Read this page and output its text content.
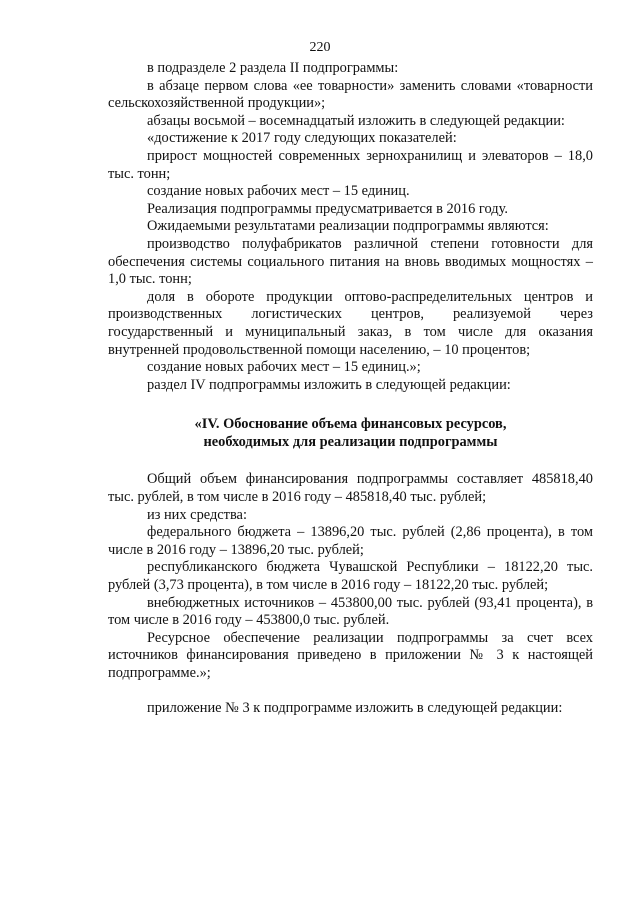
220

в подразделе 2 раздела II подпрограммы:

в абзаце первом слова «ее товарности» заменить словами «товарности сельскохозяйственной продукции»;

абзацы восьмой – восемнадцатый изложить в следующей редакции:

«достижение к 2017 году следующих показателей:

прирост мощностей современных зернохранилищ и элеваторов – 18,0 тыс. тонн;

создание новых рабочих мест – 15 единиц.

Реализация подпрограммы предусматривается в 2016 году.

Ожидаемыми результатами реализации подпрограммы являются:

производство полуфабрикатов различной степени готовности для обеспечения системы социального питания на вновь вводимых мощностях – 1,0 тыс. тонн;

доля в обороте продукции оптово-распределительных центров и производственных логистических центров, реализуемой через государственный и муниципальный заказ, в том числе для оказания внутренней продовольственной помощи населению, – 10 процентов;

создание новых рабочих мест – 15 единиц.»;

раздел IV подпрограммы изложить в следующей редакции:

«IV. Обоснование объема финансовых ресурсов,
необходимых для реализации подпрограммы

Общий объем финансирования подпрограммы составляет 485818,40 тыс. рублей, в том числе в 2016 году – 485818,40 тыс. рублей;

из них средства:

федерального бюджета – 13896,20 тыс. рублей (2,86 процента), в том числе в 2016 году – 13896,20 тыс. рублей;

республиканского бюджета Чувашской Республики – 18122,20 тыс. рублей (3,73 процента), в том числе в 2016 году – 18122,20 тыс. рублей;

внебюджетных источников – 453800,00 тыс. рублей (93,41 процента), в том числе в 2016 году – 453800,0 тыс. рублей.

Ресурсное обеспечение реализации подпрограммы за счет всех источников финансирования приведено в приложении № 3 к настоящей подпрограмме.»;

приложение № 3 к подпрограмме изложить в следующей редакции:
